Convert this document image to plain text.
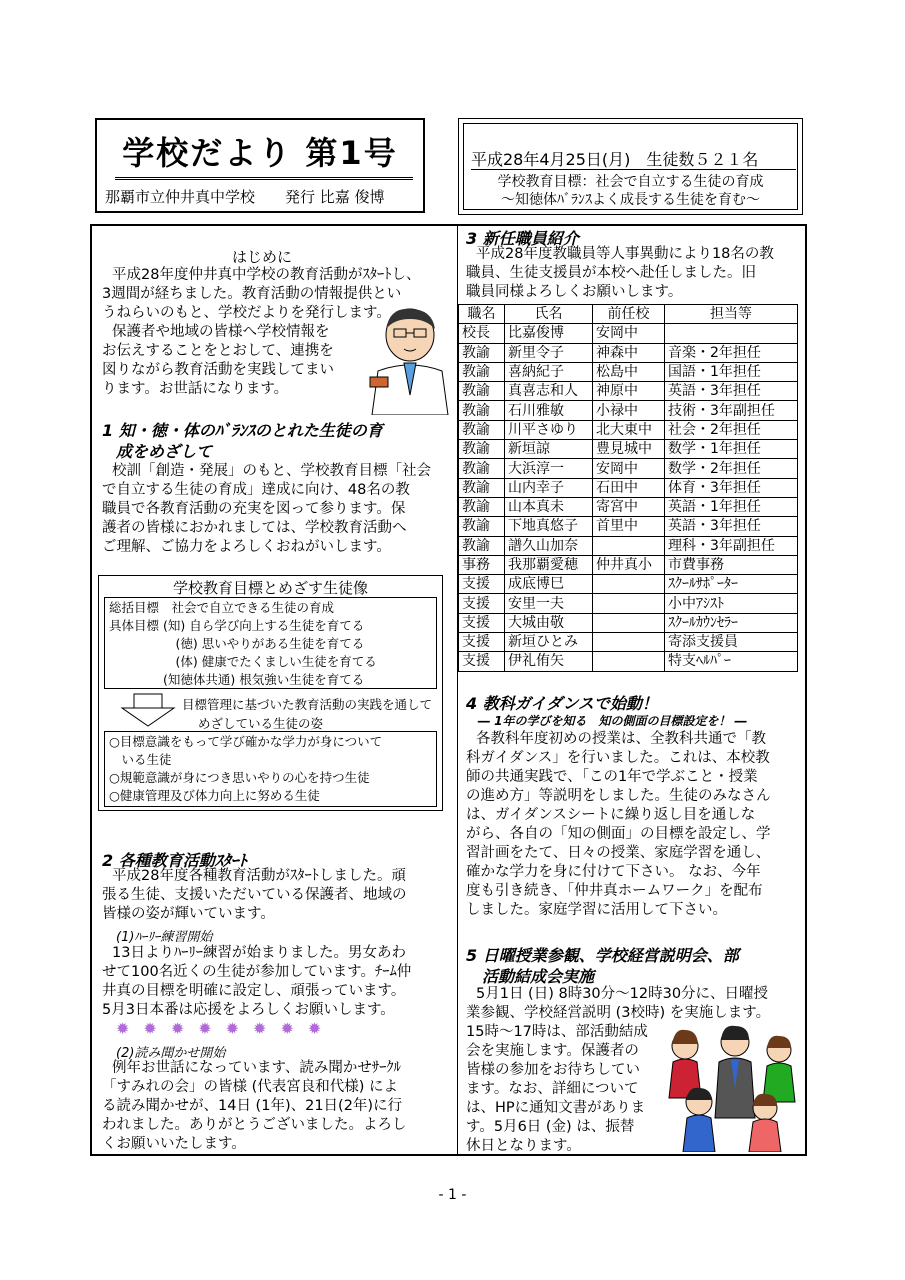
学校だより 第1号
那覇市立仲井真中学校　　発行 比嘉 俊博
平成28年4月25日(月)　生徒数５２１名
学校教育目標：社会で自立する生徒の育成
～知徳体ﾊﾞﾗﾝｽよく成長する生徒を育む～
はじめに
平成28年度仲井真中学校の教育活動がｽﾀｰﾄし、
3週間が経ちました。教育活動の情報提供とい
うねらいのもと、学校だよりを発行します。
保護者や地域の皆様へ学校情報を
お伝えすることをとおして、連携を
図りながら教育活動を実践してまい
ります。お世話になります。
1 知・徳・体のﾊﾞﾗﾝｽのとれた生徒の育
成をめざして
校訓「創造・発展」のもと、学校教育目標「社会
で自立する生徒の育成」達成に向け、48名の教
職員で各教育活動の充実を図って参ります。保
護者の皆様におかれましては、学校教育活動へ
ご理解、ご協力をよろしくおねがいします。
学校教育目標とめざす生徒像
総括目標　社会で自立できる生徒の育成
具体目標 (知) 自ら学び向上する生徒を育てる
　　　　　 (徳) 思いやりがある生徒を育てる
　　　　　 (体) 健康でたくましい生徒を育てる
　　　　 (知徳体共通) 根気強い生徒を育てる
目標管理に基づいた教育活動の実践を通して
めざしている生徒の姿
○目標意識をもって学び確かな学力が身について
　いる生徒
○規範意識が身につき思いやりの心を持つ生徒
○健康管理及び体力向上に努める生徒
2 各種教育活動ｽﾀｰﾄ
平成28年度各種教育活動がｽﾀｰﾄしました。頑
張る生徒、支援いただいている保護者、地域の
皆様の姿が輝いています。
(1)ﾊｰﾘｰ練習開始
13日よりﾊｰﾘｰ練習が始まりました。男女あわ
せて100名近くの生徒が参加しています。ﾁｰﾑ仲
井真の目標を明確に設定し、頑張っています。
5月3日本番は応援をよろしくお願いします。
✹✹✹✹✹✹✹✹
(2)読み聞かせ開始
例年お世話になっています、読み聞かせｻｰｸﾙ
「すみれの会」の皆様 (代表宮良和代様) によ
る読み聞かせが、14日 (1年)、21日(2年)に行
われました。ありがとうございました。よろし
くお願いいたします。
3 新任職員紹介
平成28年度教職員等人事異動により18名の教
職員、生徒支援員が本校へ赴任しました。旧
職員同様よろしくお願いします。
職名	氏名	前任校	担当等
校長	比嘉俊博	安岡中	
教諭	新里令子	神森中	音楽・2年担任
教諭	喜納紀子	松島中	国語・1年担任
教諭	真喜志和人	神原中	英語・3年担任
教諭	石川雅敏	小禄中	技術・3年副担任
教諭	川平さゆり	北大東中	社会・2年担任
教諭	新垣諒	豊見城中	数学・1年担任
教諭	大浜淳一	安岡中	数学・2年担任
教諭	山内幸子	石田中	体育・3年担任
教諭	山本真未	寄宮中	英語・1年担任
教諭	下地真悠子	首里中	英語・3年担任
教諭	譜久山加奈		理科・3年副担任
事務	我那覇愛穂	仲井真小	市費事務
支援	成底博巳		ｽｸｰﾙｻﾎﾟｰﾀｰ
支援	安里一夫		小中ｱｼｽﾄ
支援	大城由敬		ｽｸｰﾙｶｳﾝｾﾗｰ
支援	新垣ひとみ		寄添支援員
支援	伊礼侑矢		特支ﾍﾙﾊﾟｰ
4 教科ガイダンスで始動！
― 1年の学びを知る　知の側面の目標設定を！ ―
各教科年度初めの授業は、全教科共通で「教
科ガイダンス」を行いました。これは、本校教
師の共通実践で、「この1年で学ぶこと・授業
の進め方」等説明をしました。生徒のみなさん
は、ガイダンスシートに繰り返し目を通しな
がら、各自の「知の側面」の目標を設定し、学
習計画をたて、日々の授業、家庭学習を通し、
確かな学力を身に付けて下さい。 なお、今年
度も引き続き、「仲井真ホームワーク」を配布
しました。家庭学習に活用して下さい。
5 日曜授業参観、学校経営説明会、部
活動結成会実施
5月1日 (日) 8時30分～12時30分に、日曜授
業参観、学校経営説明 (3校時) を実施します。
15時～17時は、部活動結成
会を実施します。保護者の
皆様の参加をお待ちしてい
ます。なお、詳細について
は、HPに通知文書がありま
す。5月6日 (金) は、振替
休日となります。
- 1 -
